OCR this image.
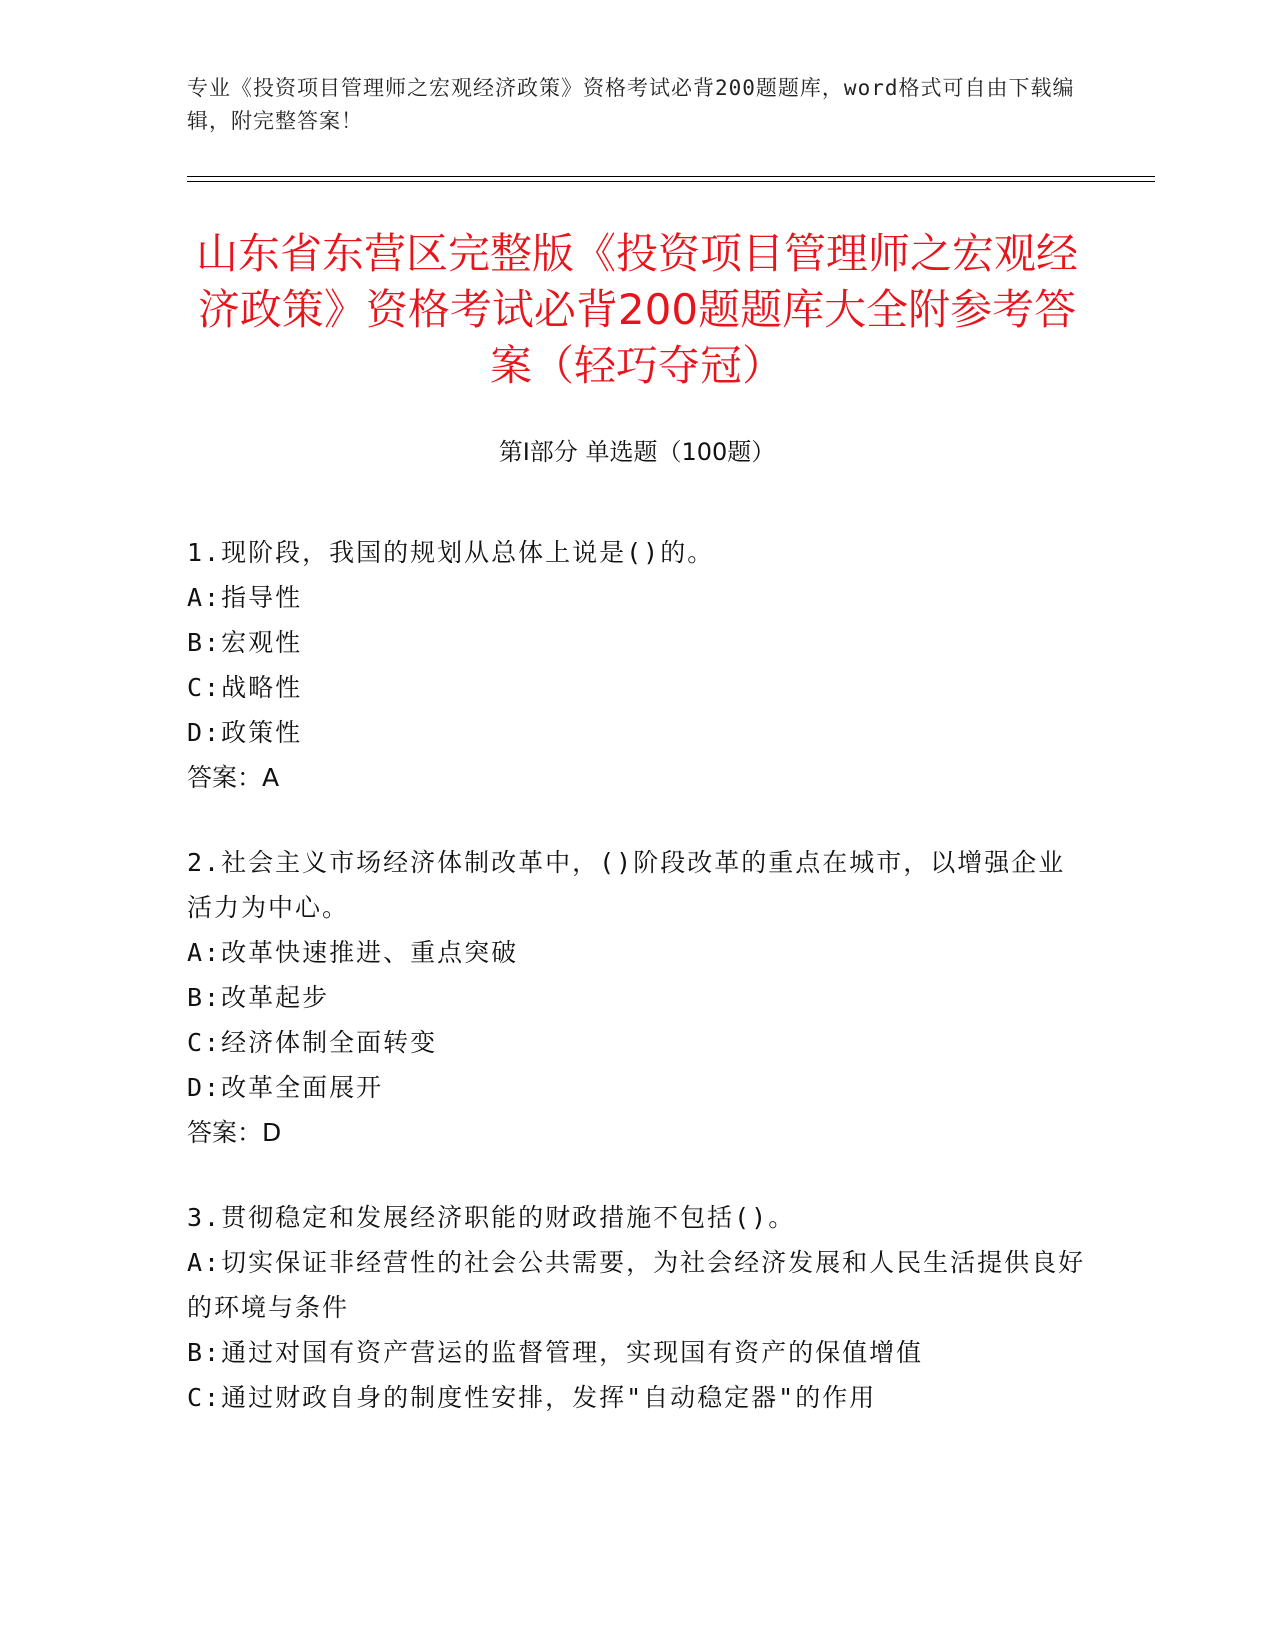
专业《投资项目管理师之宏观经济政策》资格考试必背200题题库，word格式可自由下载编辑，附完整答案！
山东省东营区完整版《投资项目管理师之宏观经济政策》资格考试必背200题题库大全附参考答案（轻巧夺冠）
第Ⅰ部分 单选题（100题）
1.现阶段，我国的规划从总体上说是()的。
A:指导性
B:宏观性
C:战略性
D:政策性
答案：A
2.社会主义市场经济体制改革中，()阶段改革的重点在城市，以增强企业活力为中心。
A:改革快速推进、重点突破
B:改革起步
C:经济体制全面转变
D:改革全面展开
答案：D
3.贯彻稳定和发展经济职能的财政措施不包括()。
A:切实保证非经营性的社会公共需要，为社会经济发展和人民生活提供良好的环境与条件
B:通过对国有资产营运的监督管理，实现国有资产的保值增值
C:通过财政自身的制度性安排，发挥"自动稳定器"的作用
